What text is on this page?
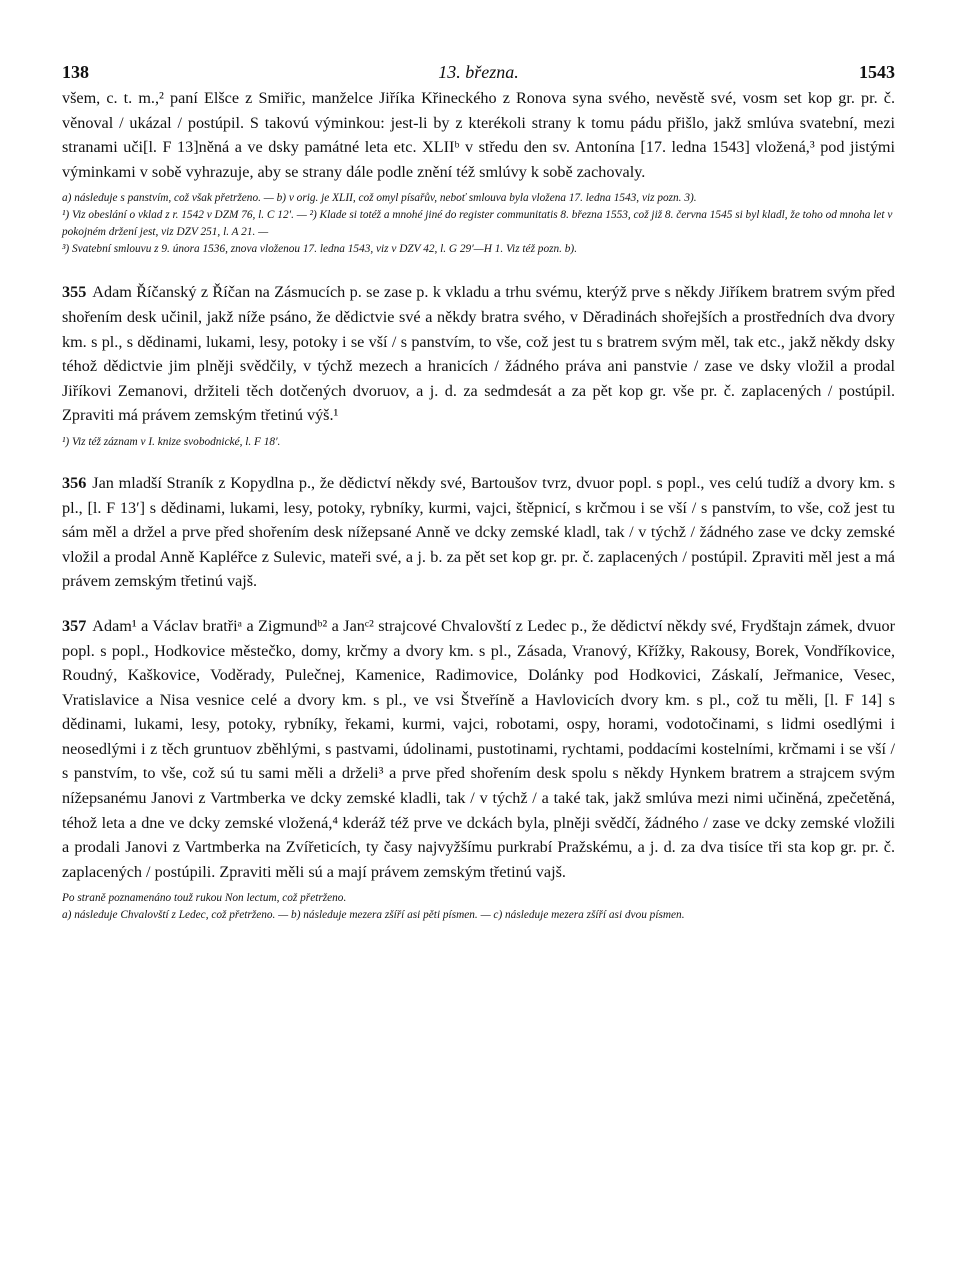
138	13. března.	1543

všem, c. t. m.,² paní Elšce z Smiřic, manželce Jiříka Křineckého z Ronova syna svého, nevěstě své, vosm set kop gr. pr. č. věnoval / ukázal / postúpil. S takovú výminkou: jest-li by z kterékoli strany k tomu pádu přišlo, jakž smlúva svatební, mezi stranami uči[l. F 13]něná a ve dsky památné leta etc. XLIIᵇ v středu den sv. Antonína [17. ledna 1543] vložená,³ pod jistými výminkami v sobě vyhrazuje, aby se strany dále podle znění též smlúvy k sobě zachovaly.

a) následuje s panstvím, což však přetrženo. — b) v orig. je XLII, což omyl písařův, neboť smlouva byla vložena 17. ledna 1543, viz pozn. 3).

¹) Viz obeslání o vklad z r. 1542 v DZM 76, l. C 12′. — ²) Klade si totéž a mnohé jiné do register communitatis 8. března 1553, což již 8. června 1545 si byl kladl, že toho od mnoha let v pokojném držení jest, viz DZV 251, l. A 21. —

³) Svatební smlouvu z 9. února 1536, znova vloženou 17. ledna 1543, viz v DZV 42, l. G 29′—H 1. Viz též pozn. b).

355 Adam Říčanský z Říčan na Zásmucích p. se zase p. k vkladu a trhu svému, kterýž prve s někdy Jiříkem bratrem svým před shořením desk učinil, jakž níže psáno, že dědictvie své a někdy bratra svého, v Děradinách shořejších a prostředních dva dvory km. s pl., s dědinami, lukami, lesy, potoky i se vší / s panstvím, to vše, což jest tu s bratrem svým měl, tak etc., jakž někdy dsky téhož dědictvie jim plněji svědčily, v týchž mezech a hranicích / žádného práva ani panstvie / zase ve dsky vložil a prodal Jiříkovi Zemanovi, držiteli těch dotčených dvoruov, a j. d. za sedmdesát a za pět kop gr. vše pr. č. zaplacených / postúpil. Zpraviti má právem zemským třetinú výš.¹

¹) Viz též záznam v I. knize svobodnické, l. F 18′.

356 Jan mladší Straník z Kopydlna p., že dědictví někdy své, Bartoušov tvrz, dvuor popl. s popl., ves celú tudíž a dvory km. s pl., [l. F 13′] s dědinami, lukami, lesy, potoky, rybníky, kurmi, vajci, štěpnicí, s krčmou i se vší / s panstvím, to vše, což jest tu sám měl a držel a prve před shořením desk nížepsané Anně ve dcky zemské kladl, tak / v týchž / žádného zase ve dcky zemské vložil a prodal Anně Kapléřce z Sulevic, mateři své, a j. b. za pět set kop gr. pr. č. zaplacených / postúpil. Zpraviti měl jest a má právem zemským třetinú vajš.

357 Adam¹ a Václav bratřiᵃ a Zigmundᵇ² a Janᶜ² strajcové Chvalovští z Ledec p., že dědictví někdy své, Frydštajn zámek, dvuor popl. s popl., Hodkovice městečko, domy, krčmy a dvory km. s pl., Zásada, Vranový, Křížky, Rakousy, Borek, Vondříkovice, Roudný, Kaškovice, Voděrady, Pulečnej, Kamenice, Radimovice, Dolánky pod Hodkovici, Záskalí, Jeřmanice, Vesec, Vratislavice a Nisa vesnice celé a dvory km. s pl., ve vsi Štveříně a Havlovicích dvory km. s pl., což tu měli, [l. F 14] s dědinami, lukami, lesy, potoky, rybníky, řekami, kurmi, vajci, robotami, ospy, horami, vodotočinami, s lidmi osedlými i neosedlými i z těch gruntuov zběhlými, s pastvami, údolinami, pustotinami, rychtami, poddacími kostelními, krčmami i se vší / s panstvím, to vše, což sú tu sami měli a drželi³ a prve před shořením desk spolu s někdy Hynkem bratrem a strajcem svým nížepsanému Janovi z Vartmberka ve dcky zemské kladli, tak / v týchž / a také tak, jakž smlúva mezi nimi učiněná, zpečetěná, téhož leta a dne ve dcky zemské vložená,⁴ kderáž též prve ve dckách byla, plněji svědčí, žádného / zase ve dcky zemské vložili a prodali Janovi z Vartmberka na Zvířeticích, ty časy najvyžšímu purkrabí Pražskému, a j. d. za dva tisíce tři sta kop gr. pr. č. zaplacených / postúpili. Zpraviti měli sú a mají právem zemským třetinú vajš.

Po straně poznamenáno touž rukou Non lectum, což přetrženo.

a) následuje Chvalovští z Ledec, což přetrženo. — b) následuje mezera zšíří asi pěti písmen. — c) následuje mezera zšíří asi dvou písmen.
